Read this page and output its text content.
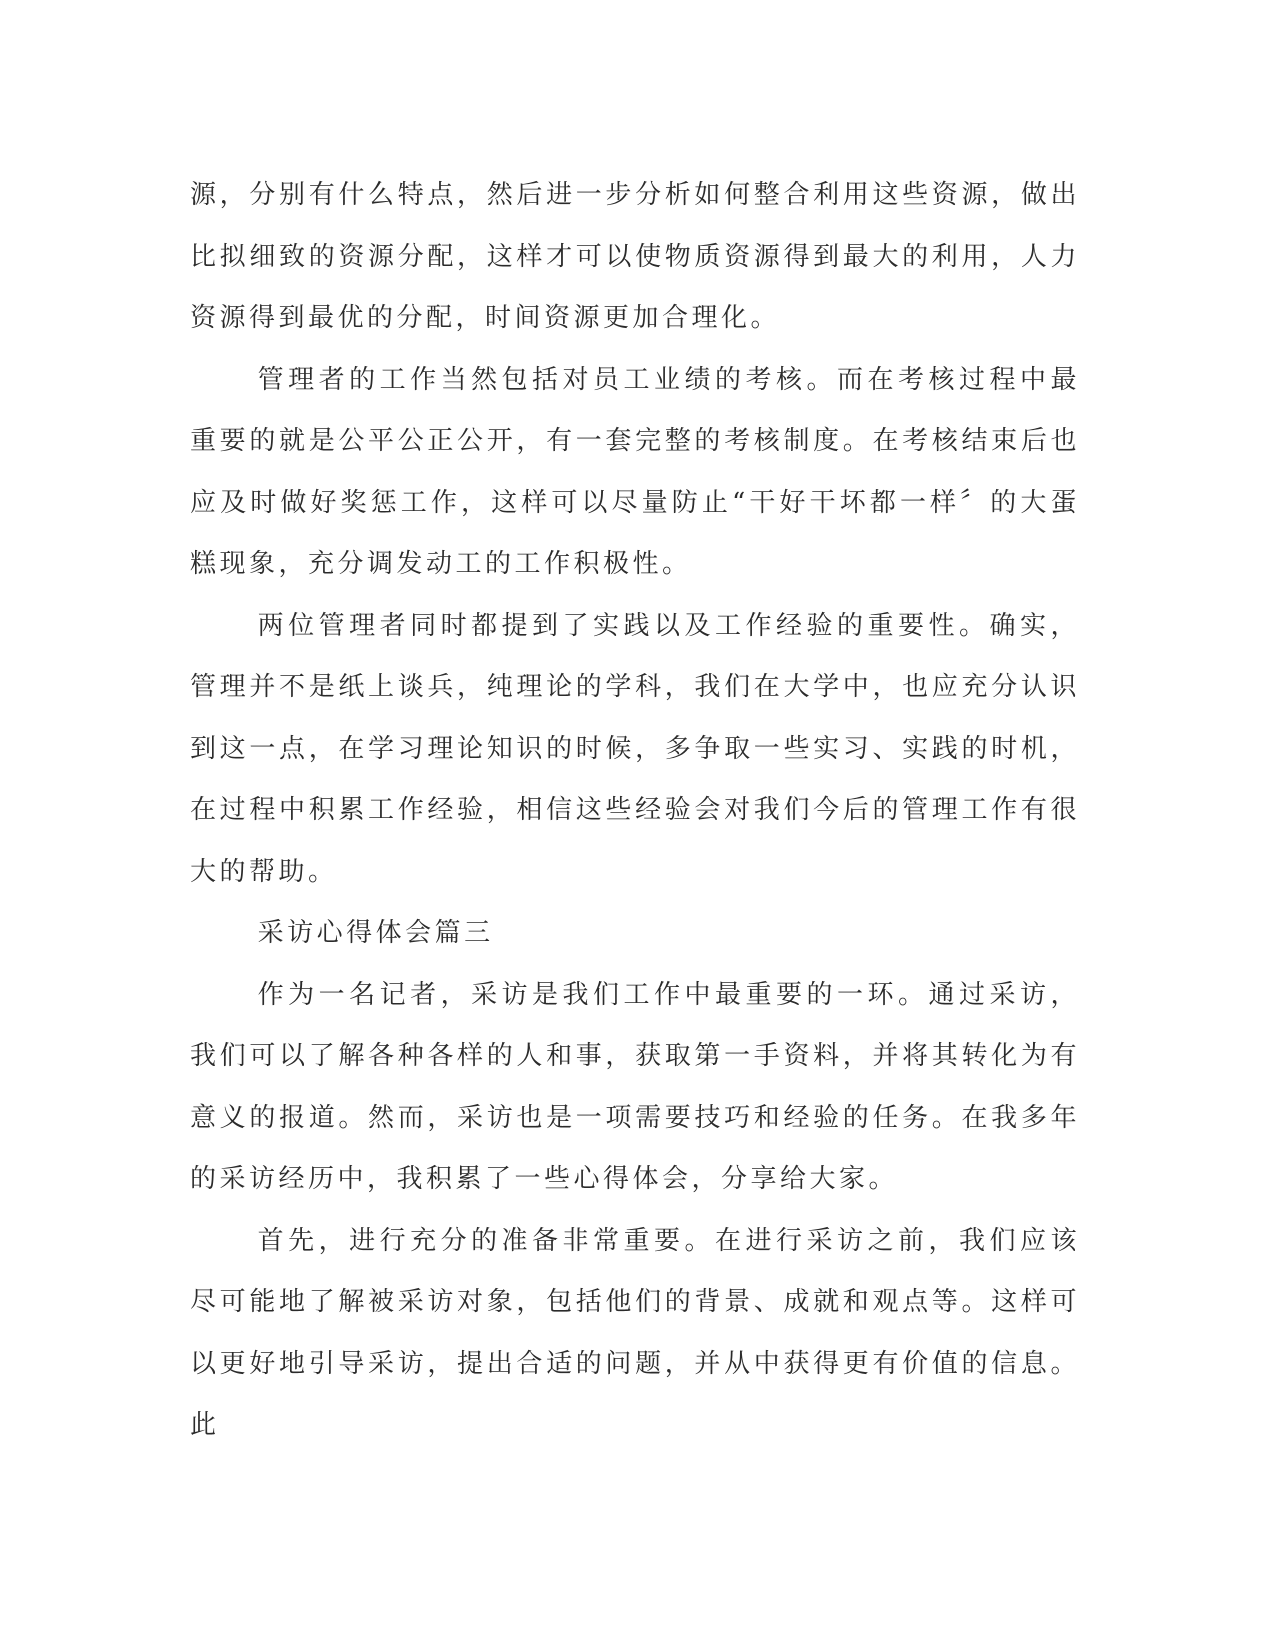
源，分别有什么特点，然后进一步分析如何整合利用这些资源，做出比拟细致的资源分配，这样才可以使物质资源得到最大的利用，人力资源得到最优的分配，时间资源更加合理化。

管理者的工作当然包括对员工业绩的考核。而在考核过程中最重要的就是公平公正公开，有一套完整的考核制度。在考核结束后也应及时做好奖惩工作，这样可以尽量防止“干好干坏都一样〞的大蛋糕现象，充分调发动工的工作积极性。

两位管理者同时都提到了实践以及工作经验的重要性。确实，管理并不是纸上谈兵，纯理论的学科，我们在大学中，也应充分认识到这一点，在学习理论知识的时候，多争取一些实习、实践的时机，在过程中积累工作经验，相信这些经验会对我们今后的管理工作有很大的帮助。

采访心得体会篇三

作为一名记者，采访是我们工作中最重要的一环。通过采访，我们可以了解各种各样的人和事，获取第一手资料，并将其转化为有意义的报道。然而，采访也是一项需要技巧和经验的任务。在我多年的采访经历中，我积累了一些心得体会，分享给大家。

首先，进行充分的准备非常重要。在进行采访之前，我们应该尽可能地了解被采访对象，包括他们的背景、成就和观点等。这样可以更好地引导采访，提出合适的问题，并从中获得更有价值的信息。此
